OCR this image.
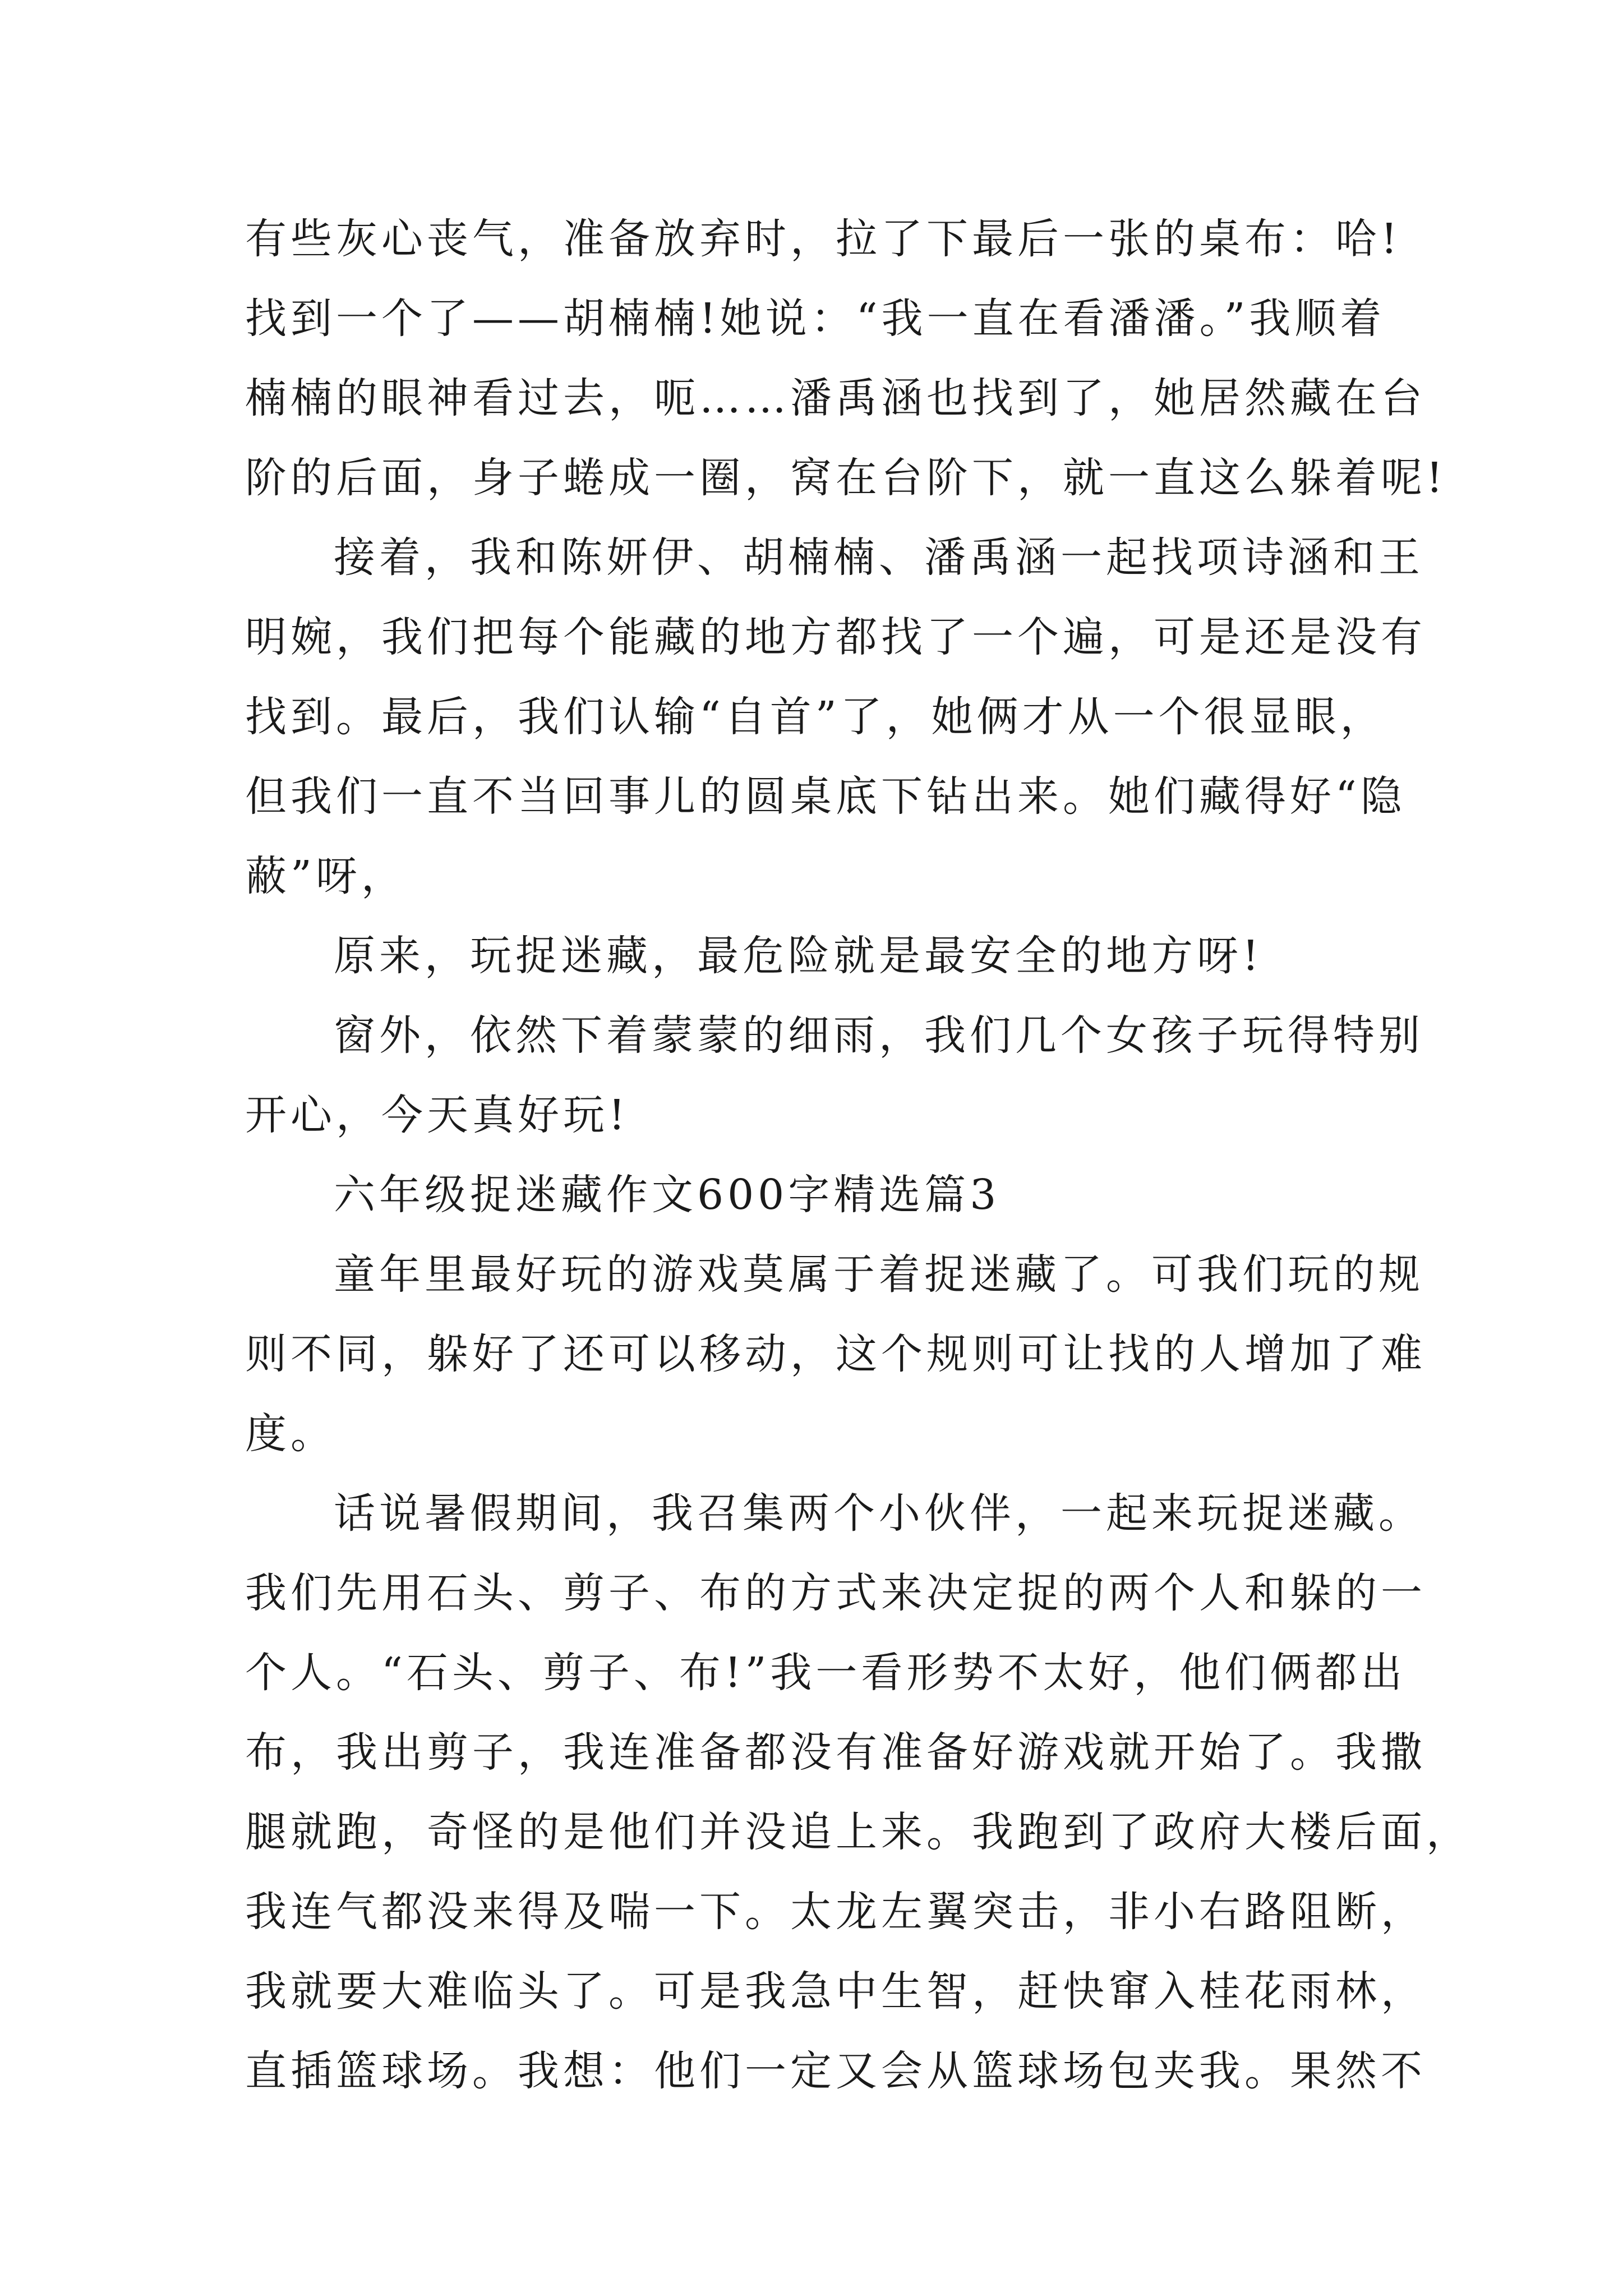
有些灰心丧气，准备放弃时，拉了下最后一张的桌布：哈!
找到一个了——胡楠楠!她说：“我一直在看潘潘。”我顺着
楠楠的眼神看过去，呃……潘禹涵也找到了，她居然藏在台
阶的后面，身子蜷成一圈，窝在台阶下，就一直这么躲着呢!
接着，我和陈妍伊、胡楠楠、潘禹涵一起找项诗涵和王
明婉，我们把每个能藏的地方都找了一个遍，可是还是没有
找到。最后，我们认输“自首”了，她俩才从一个很显眼，
但我们一直不当回事儿的圆桌底下钻出来。她们藏得好“隐
蔽”呀，
原来，玩捉迷藏，最危险就是最安全的地方呀!
窗外，依然下着蒙蒙的细雨，我们几个女孩子玩得特别
开心，今天真好玩!
六年级捉迷藏作文600字精选篇3
童年里最好玩的游戏莫属于着捉迷藏了。可我们玩的规
则不同，躲好了还可以移动，这个规则可让找的人增加了难
度。
话说暑假期间，我召集两个小伙伴，一起来玩捉迷藏。
我们先用石头、剪子、布的方式来决定捉的两个人和躲的一
个人。“石头、剪子、布!”我一看形势不太好，他们俩都出
布，我出剪子，我连准备都没有准备好游戏就开始了。我撒
腿就跑，奇怪的是他们并没追上来。我跑到了政府大楼后面，
我连气都没来得及喘一下。太龙左翼突击，非小右路阻断，
我就要大难临头了。可是我急中生智，赶快窜入桂花雨林，
直插篮球场。我想：他们一定又会从篮球场包夹我。果然不
